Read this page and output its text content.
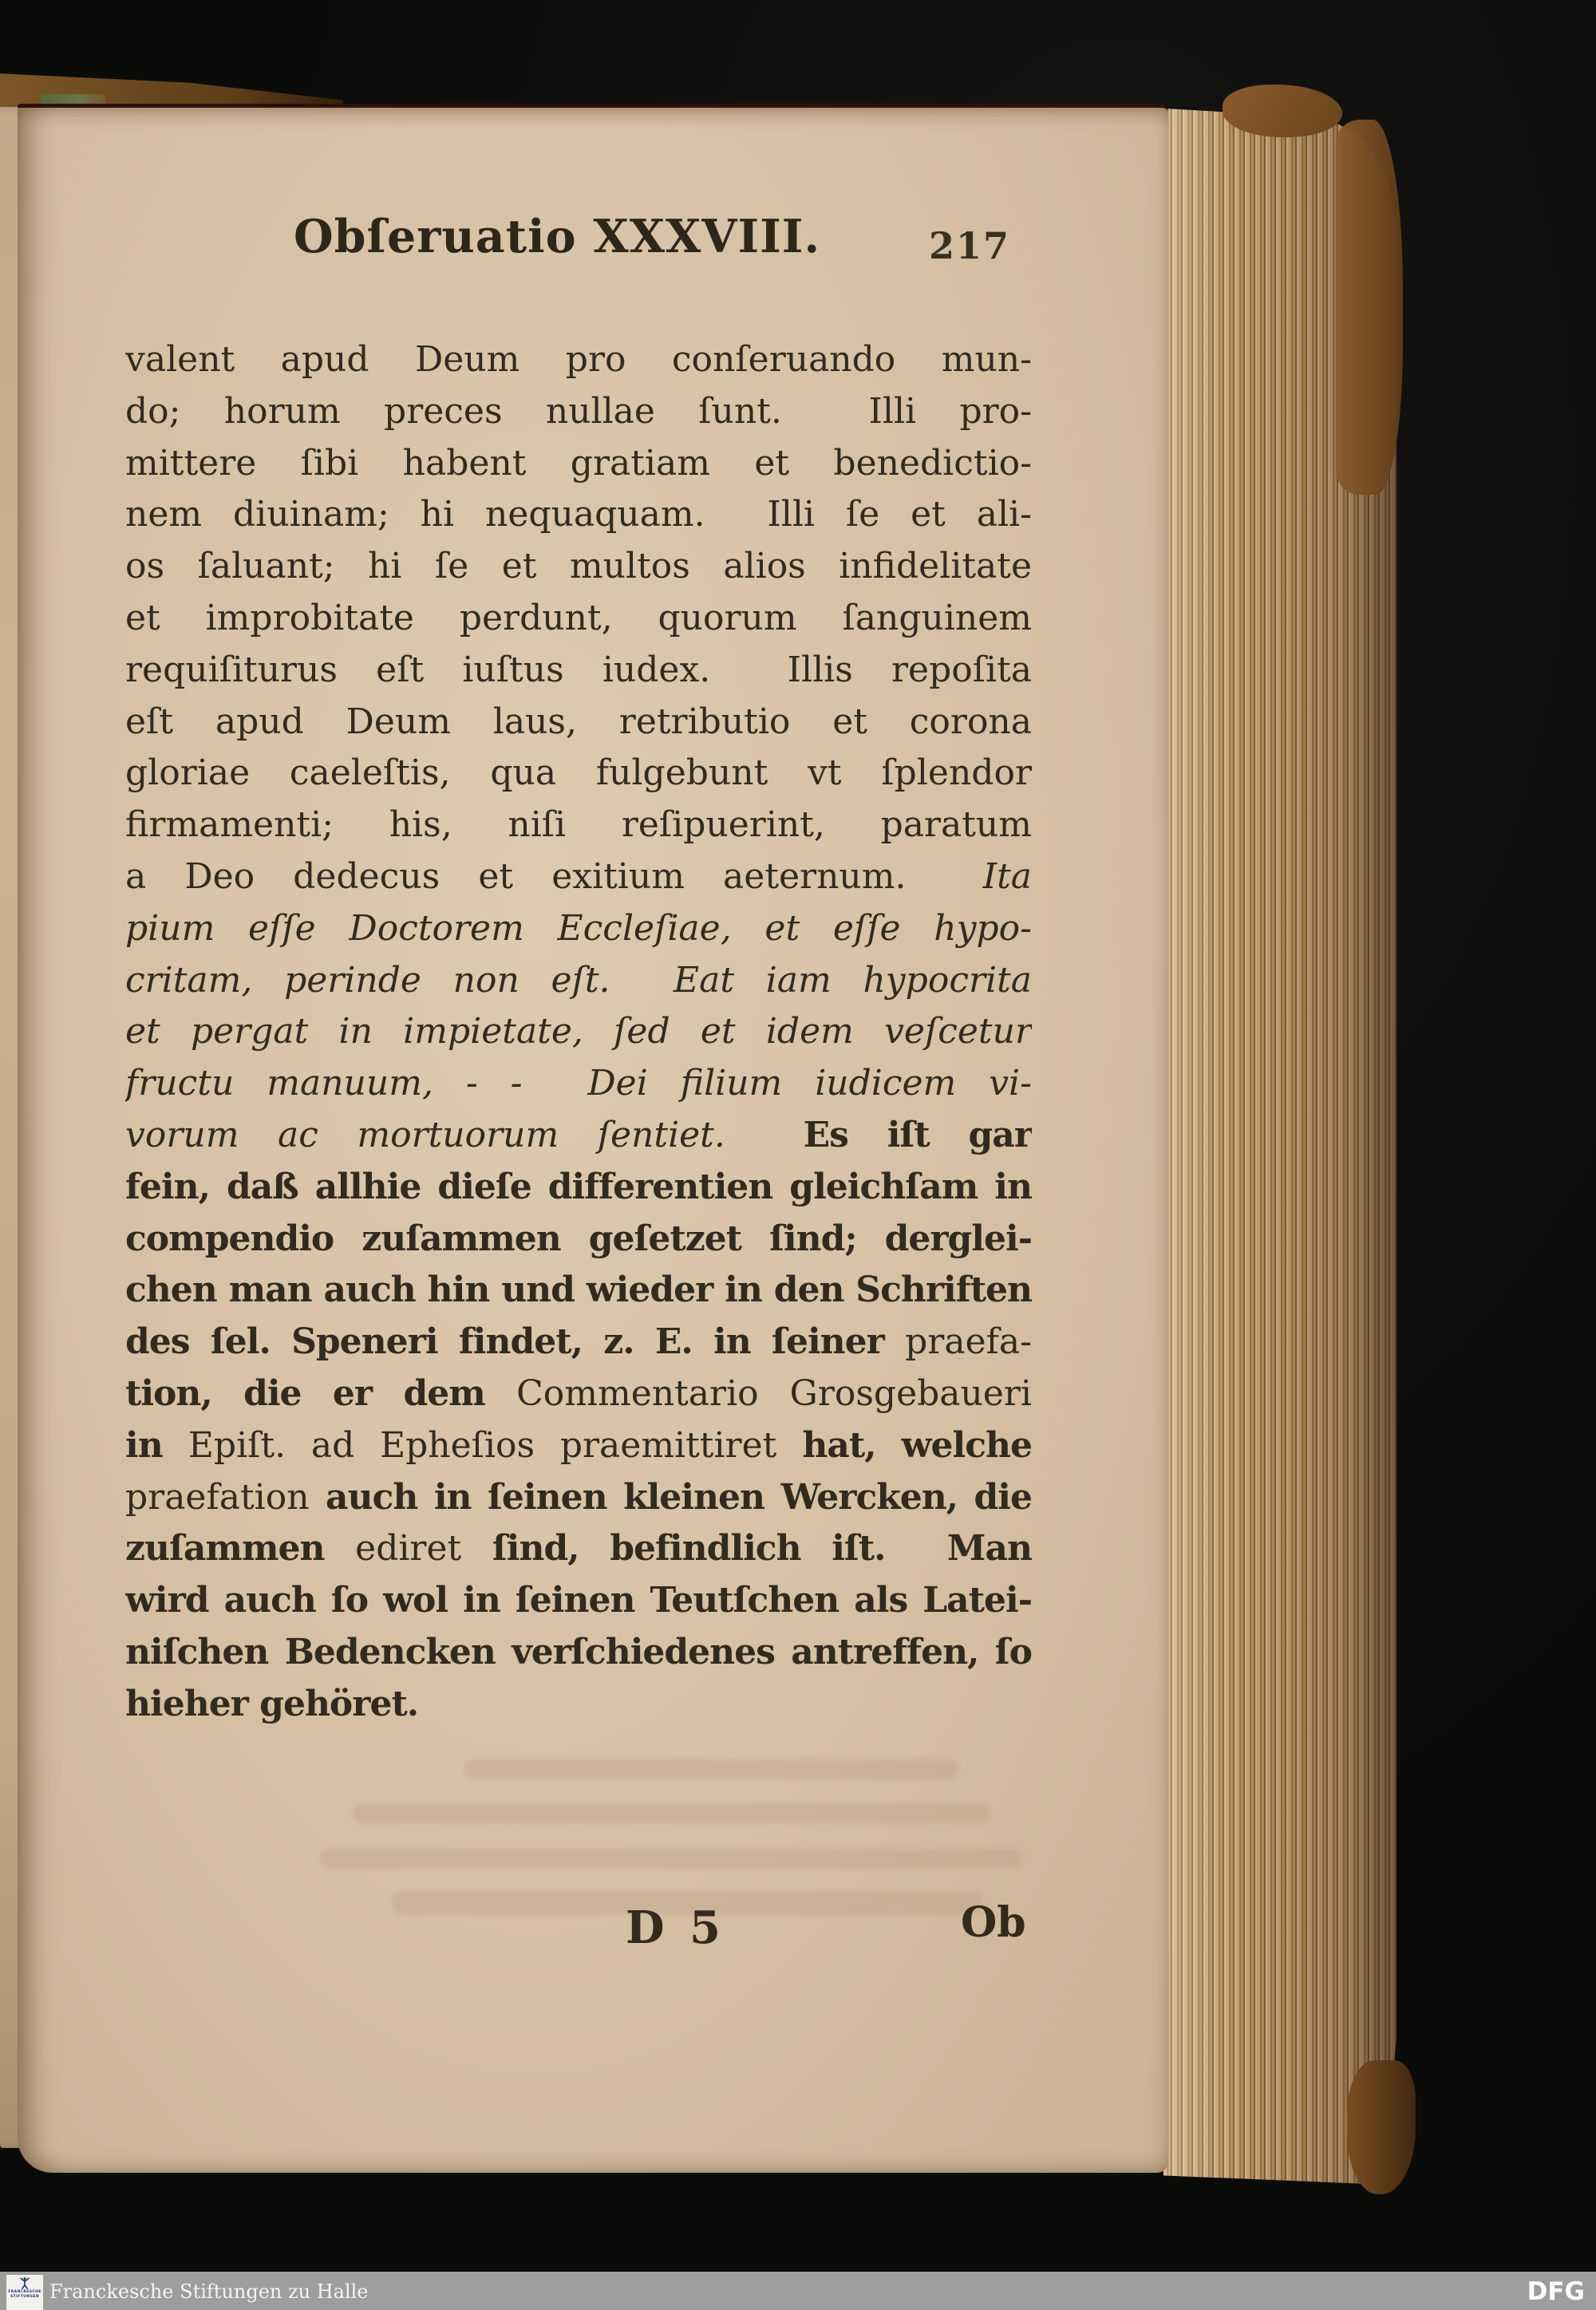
Obſeruatio XXXVIII.	217
valent apud Deum pro conſeruando mun-
do; horum preces nullae ſunt.  Illi pro-
mittere ſibi habent gratiam et benedictio-
nem diuinam; hi nequaquam.  Illi ſe et ali-
os ſaluant; hi ſe et multos alios infidelitate
et improbitate perdunt, quorum ſanguinem
requiſiturus eſt iuſtus iudex.  Illis repoſita
eſt apud Deum laus, retributio et corona
gloriae caeleſtis, qua fulgebunt vt ſplendor
firmamenti; his, niſi reſipuerint, paratum
a Deo dedecus et exitium aeternum.  Ita
pium eſſe Doctorem Eccleſiae, et eſſe hypo-
critam, perinde non eſt.  Eat iam hypocrita
et pergat in impietate, ſed et idem veſcetur
fructu manuum, - -  Dei filium iudicem vi-
vorum ac mortuorum ſentiet.  Es iſt gar
fein, daß allhie dieſe differentien gleichſam in
compendio zuſammen geſetzet ſind; derglei-
chen man auch hin und wieder in den Schriften
des ſel. Speneri findet, z. E. in ſeiner praefa-
tion, die er dem Commentario Grosgebaueri
in Epiſt. ad Epheſios praemittiret hat, welche
praefation auch in ſeinen kleinen Wercken, die
zuſammen ediret ſind, befindlich iſt.  Man
wird auch ſo wol in ſeinen Teutſchen als Latei-
niſchen Bedencken verſchiedenes antreffen, ſo
hieher gehöret.
D 5	Ob
FRANCKESCHE
STIFTUNGEN Franckesche Stiftungen zu Halle	DFG
